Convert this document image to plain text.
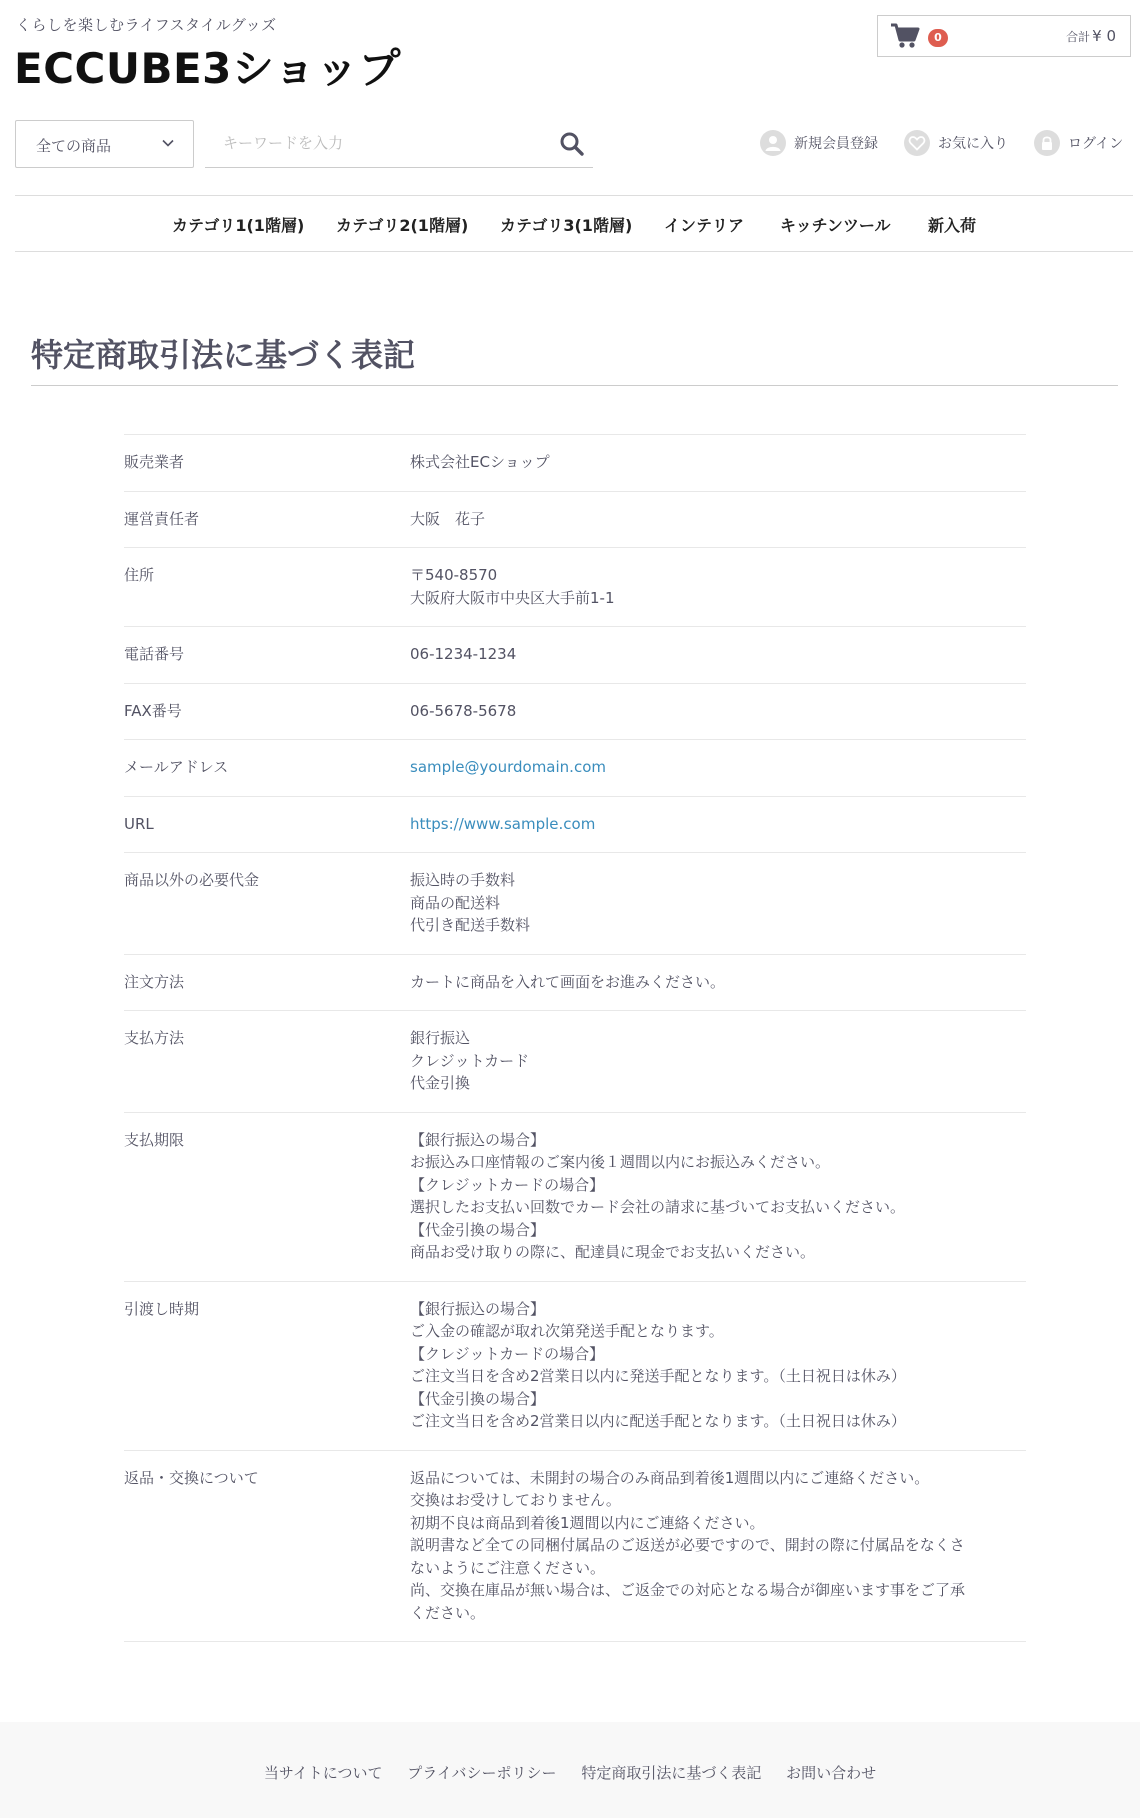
くらしを楽しむライフスタイルグッズ
ECCUBE3ショップ
0	合計 ¥ 0
全ての商品
キーワードを入力	新規会員登録	お気に入り	ログイン
カテゴリ1(1階層) カテゴリ2(1階層) カテゴリ3(1階層) インテリア キッチンツール 新入荷
特定商取引法に基づく表記
販売業者	株式会社ECショップ
運営責任者	大阪　花子
住所	〒540-8570
大阪府大阪市中央区大手前1-1
電話番号	06-1234-1234
FAX番号	06-5678-5678
メールアドレス	sample@yourdomain.com
URL	https://www.sample.com
商品以外の必要代金	振込時の手数料
商品の配送料
代引き配送手数料
注文方法	カートに商品を入れて画面をお進みください。
支払方法	銀行振込
クレジットカード
代金引換
支払期限	【銀行振込の場合】
お振込み口座情報のご案内後１週間以内にお振込みください。
【クレジットカードの場合】
選択したお支払い回数でカード会社の請求に基づいてお支払いください。
【代金引換の場合】
商品お受け取りの際に、配達員に現金でお支払いください。
引渡し時期	【銀行振込の場合】
ご入金の確認が取れ次第発送手配となります。
【クレジットカードの場合】
ご注文当日を含め2営業日以内に発送手配となります。（土日祝日は休み）
【代金引換の場合】
ご注文当日を含め2営業日以内に配送手配となります。（土日祝日は休み）
返品・交換について	返品については、未開封の場合のみ商品到着後1週間以内にご連絡ください。
交換はお受けしておりません。
初期不良は商品到着後1週間以内にご連絡ください。
説明書など全ての同梱付属品のご返送が必要ですので、開封の際に付属品をなくさ
ないようにご注意ください。
尚、交換在庫品が無い場合は、ご返金での対応となる場合が御座います事をご了承
ください。
当サイトについて プライバシーポリシー 特定商取引法に基づく表記 お問い合わせ
